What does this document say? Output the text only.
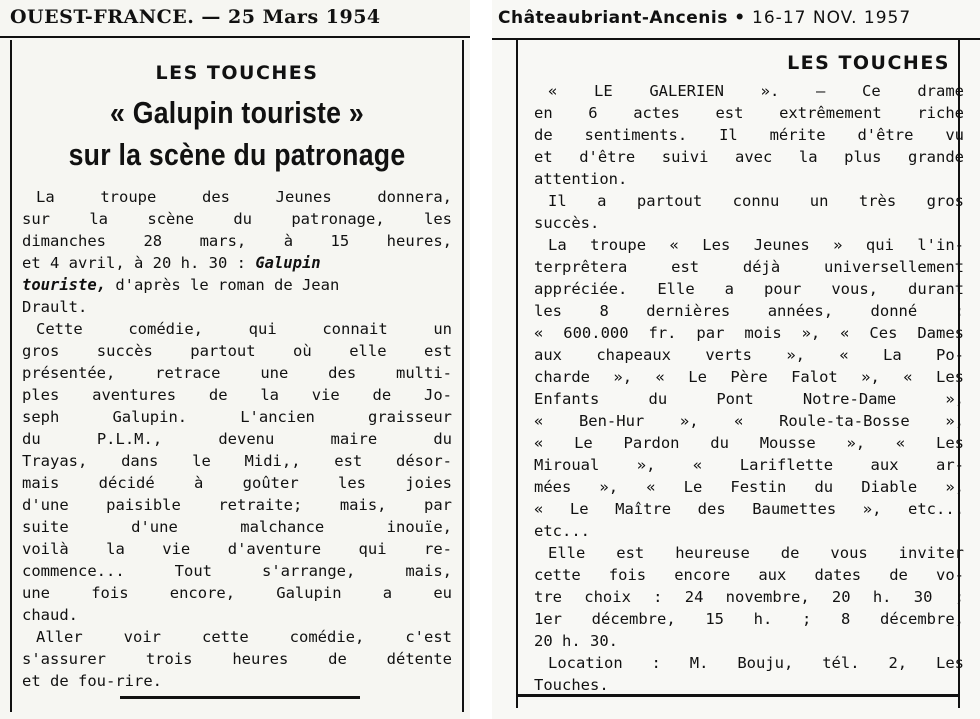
OUEST-FRANCE. — 25 Mars 1954
LES TOUCHES
« Galupin touriste »
sur la scène du patronage
La troupe des Jeunes donnera,
sur la scène du patronage, les
dimanches 28 mars, à 15 heures,
et 4 avril, à 20 h. 30 : Galupin
touriste, d'après le roman de Jean
Drault.
Cette comédie, qui connait un
gros succès partout où elle est
présentée, retrace une des multi-
ples aventures de la vie de Jo-
seph Galupin. L'ancien graisseur
du P.L.M., devenu maire du
Trayas, dans le Midi,, est désor-
mais décidé à goûter les joies
d'une paisible retraite; mais, par
suite d'une malchance inouïe,
voilà la vie d'aventure qui re-
commence... Tout s'arrange, mais,
une fois encore, Galupin a eu
chaud.
Aller voir cette comédie, c'est
s'assurer trois heures de détente
et de fou-rire.
Châteaubriant-Ancenis • 16-17 NOV. 1957
LES TOUCHES
« LE GALERIEN ». — Ce drame
en 6 actes est extrêmement riche
de sentiments. Il mérite d'être vu
et d'être suivi avec la plus grande
attention.
Il a partout connu un très gros
succès.
La troupe « Les Jeunes » qui l'in-
terprêtera est déjà universellement
appréciée. Elle a pour vous, durant
les 8 dernières années, donné :
« 600.000 fr. par mois », « Ces Dames
aux chapeaux verts », « La Po-
charde », « Le Père Falot », « Les
Enfants du Pont Notre-Dame »,
« Ben-Hur », « Roule-ta-Bosse »,
« Le Pardon du Mousse », « Les
Miroual », « Lariflette aux ar-
mées », « Le Festin du Diable »,
« Le Maître des Baumettes », etc...
etc...
Elle est heureuse de vous inviter
cette fois encore aux dates de vo-
tre choix : 24 novembre, 20 h. 30 ;
1er décembre, 15 h. ; 8 décembre,
20 h. 30.
Location : M. Bouju, tél. 2, Les
Touches.
